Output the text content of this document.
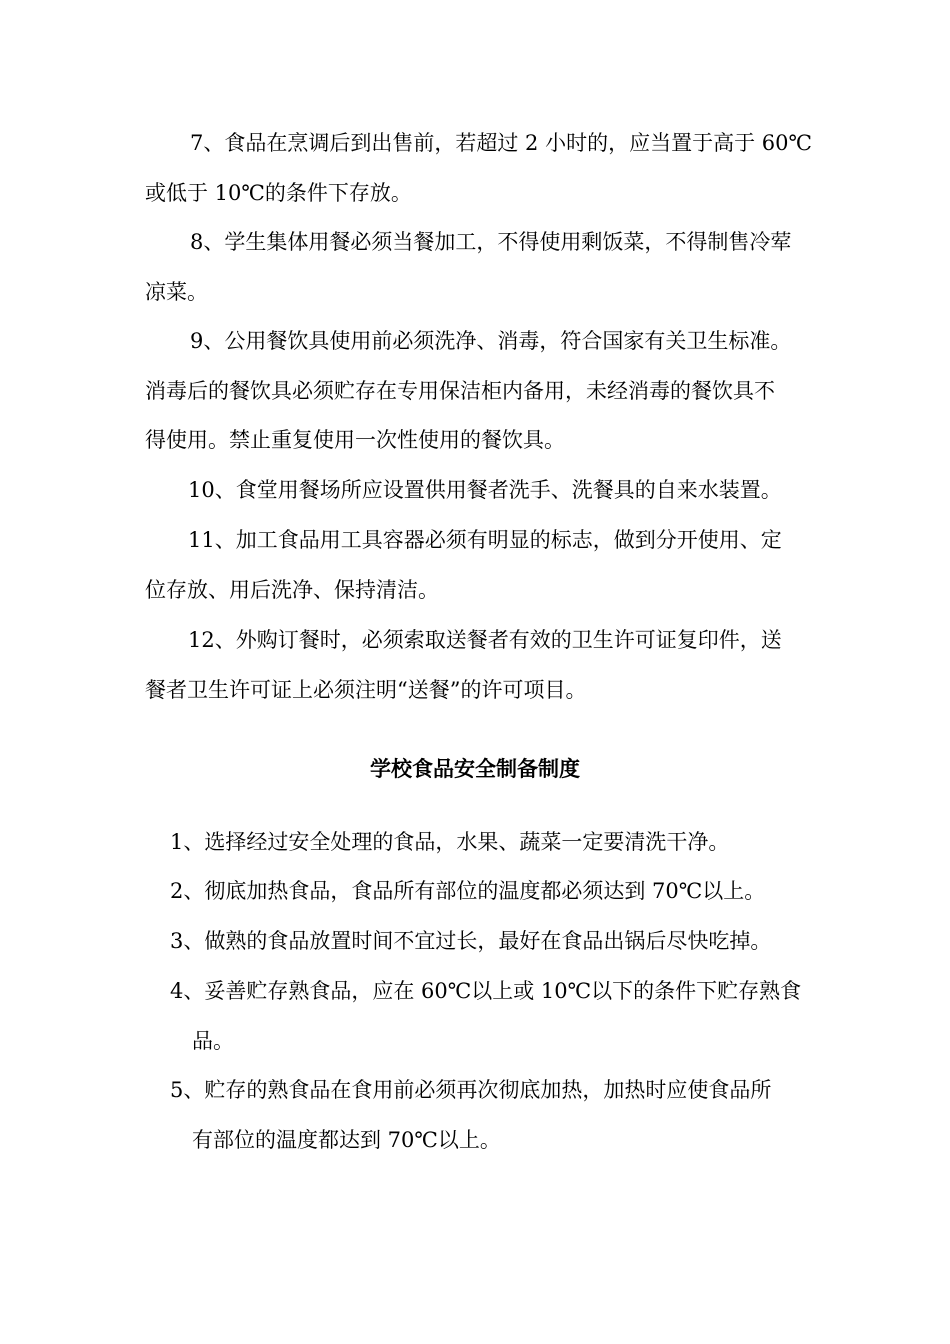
7、食品在烹调后到出售前，若超过 2 小时的，应当置于高于 60℃
或低于 10℃的条件下存放。
8、学生集体用餐必须当餐加工，不得使用剩饭菜，不得制售冷荤
凉菜。
9、公用餐饮具使用前必须洗净、消毒，符合国家有关卫生标准。
消毒后的餐饮具必须贮存在专用保洁柜内备用，未经消毒的餐饮具不
得使用。禁止重复使用一次性使用的餐饮具。
10、食堂用餐场所应设置供用餐者洗手、洗餐具的自来水装置。
11、加工食品用工具容器必须有明显的标志，做到分开使用、定
位存放、用后洗净、保持清洁。
12、外购订餐时，必须索取送餐者有效的卫生许可证复印件，送
餐者卫生许可证上必须注明“送餐”的许可项目。
学校食品安全制备制度
1、选择经过安全处理的食品，水果、蔬菜一定要清洗干净。
2、彻底加热食品，食品所有部位的温度都必须达到 70℃以上。
3、做熟的食品放置时间不宜过长，最好在食品出锅后尽快吃掉。
4、妥善贮存熟食品，应在 60℃以上或 10℃以下的条件下贮存熟食
品。
5、贮存的熟食品在食用前必须再次彻底加热，加热时应使食品所
有部位的温度都达到 70℃以上。
